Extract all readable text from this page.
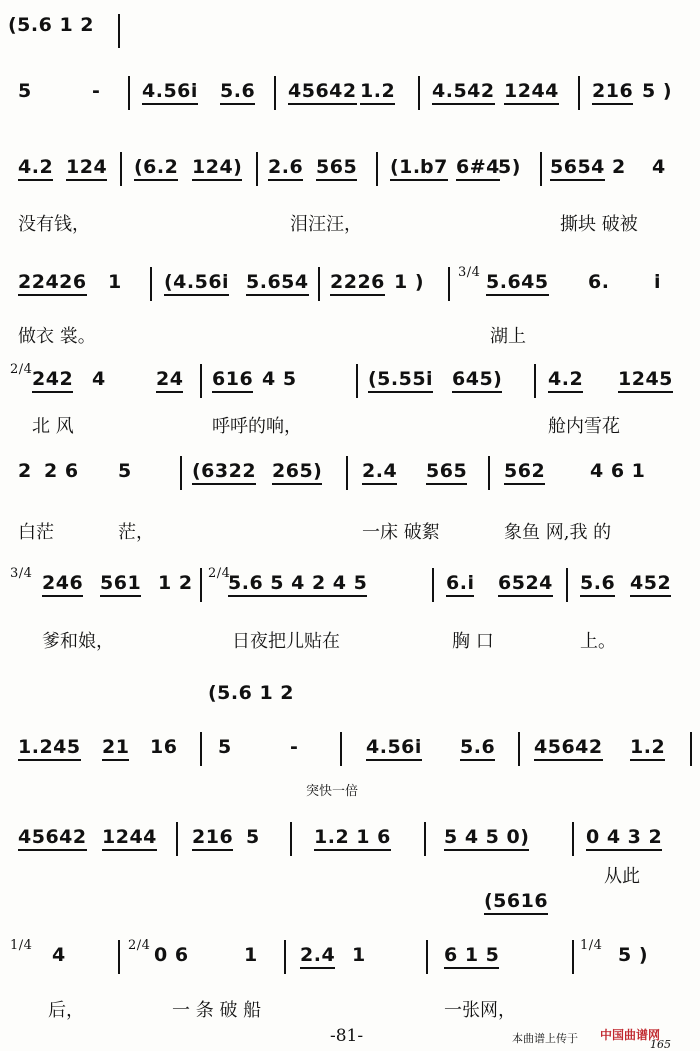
(5.6 1 2
5	- 4.56i 5.6 45642 1.2 4.542 1244 216 5 )
4.2 124 (6.2 124) 2.6 565 (1. b7 6#4
5) 5654 2 4
没有钱，	泪汪汪，	撕块 破被
22426 1 (4.56i 5.654 2226 1 )	3/4 5.645 6. i
做衣 裳。	湖上
2/4 242 4	24 616 4 5	(5.55i 645) 4.2 1245
北 风	呼呼的响，	舱内雪花
2 2 6 5	(6322 265) 2.4 565 562 4 6 1
白茫	茫，	一床 破絮	象鱼 网,我 的
3/4 246 561 1 2 2/4
5.6 5 4 2 4 5	6.i 6524 5.6 452
爹和娘，	日夜把儿贴在	胸 口	上。
(5.6 1 2
1.245 21 16 5	-	4.56i 5.6 45642 1.2
突快一倍
45642 1244 216 5	1.2 1 6	5 4 5 0)	0 4 3 2
从此
(5616
1/4 4	2/4 0 6	1 2.4 1	6 1 5	1/4 5 )
后，	一 条 破 船	一张网，
-81-	本曲谱上传于 中国曲谱网
165
